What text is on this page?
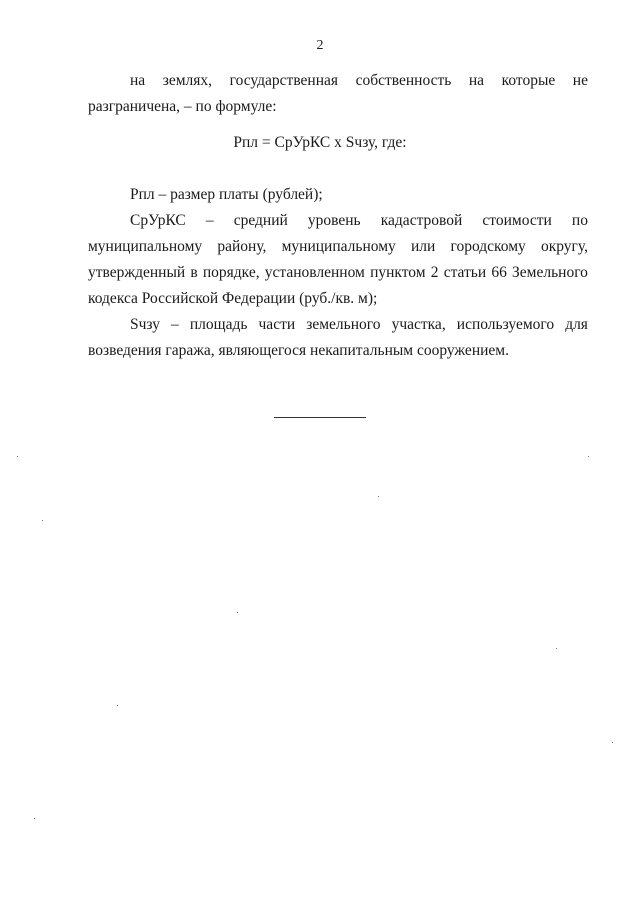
2
на землях, государственная собственность на которые не
разграничена, – по формуле:
Рпл = СрУрКС х Sчзу, где:
Рпл – размер платы (рублей);
СрУрКС – средний уровень кадастровой стоимости по
муниципальному району, муниципальному или городскому округу,
утвержденный в порядке, установленном пунктом 2 статьи 66 Земельного
кодекса Российской Федерации (руб./кв. м);
Sчзу – площадь части земельного участка, используемого для
возведения гаража, являющегося некапитальным сооружением.
